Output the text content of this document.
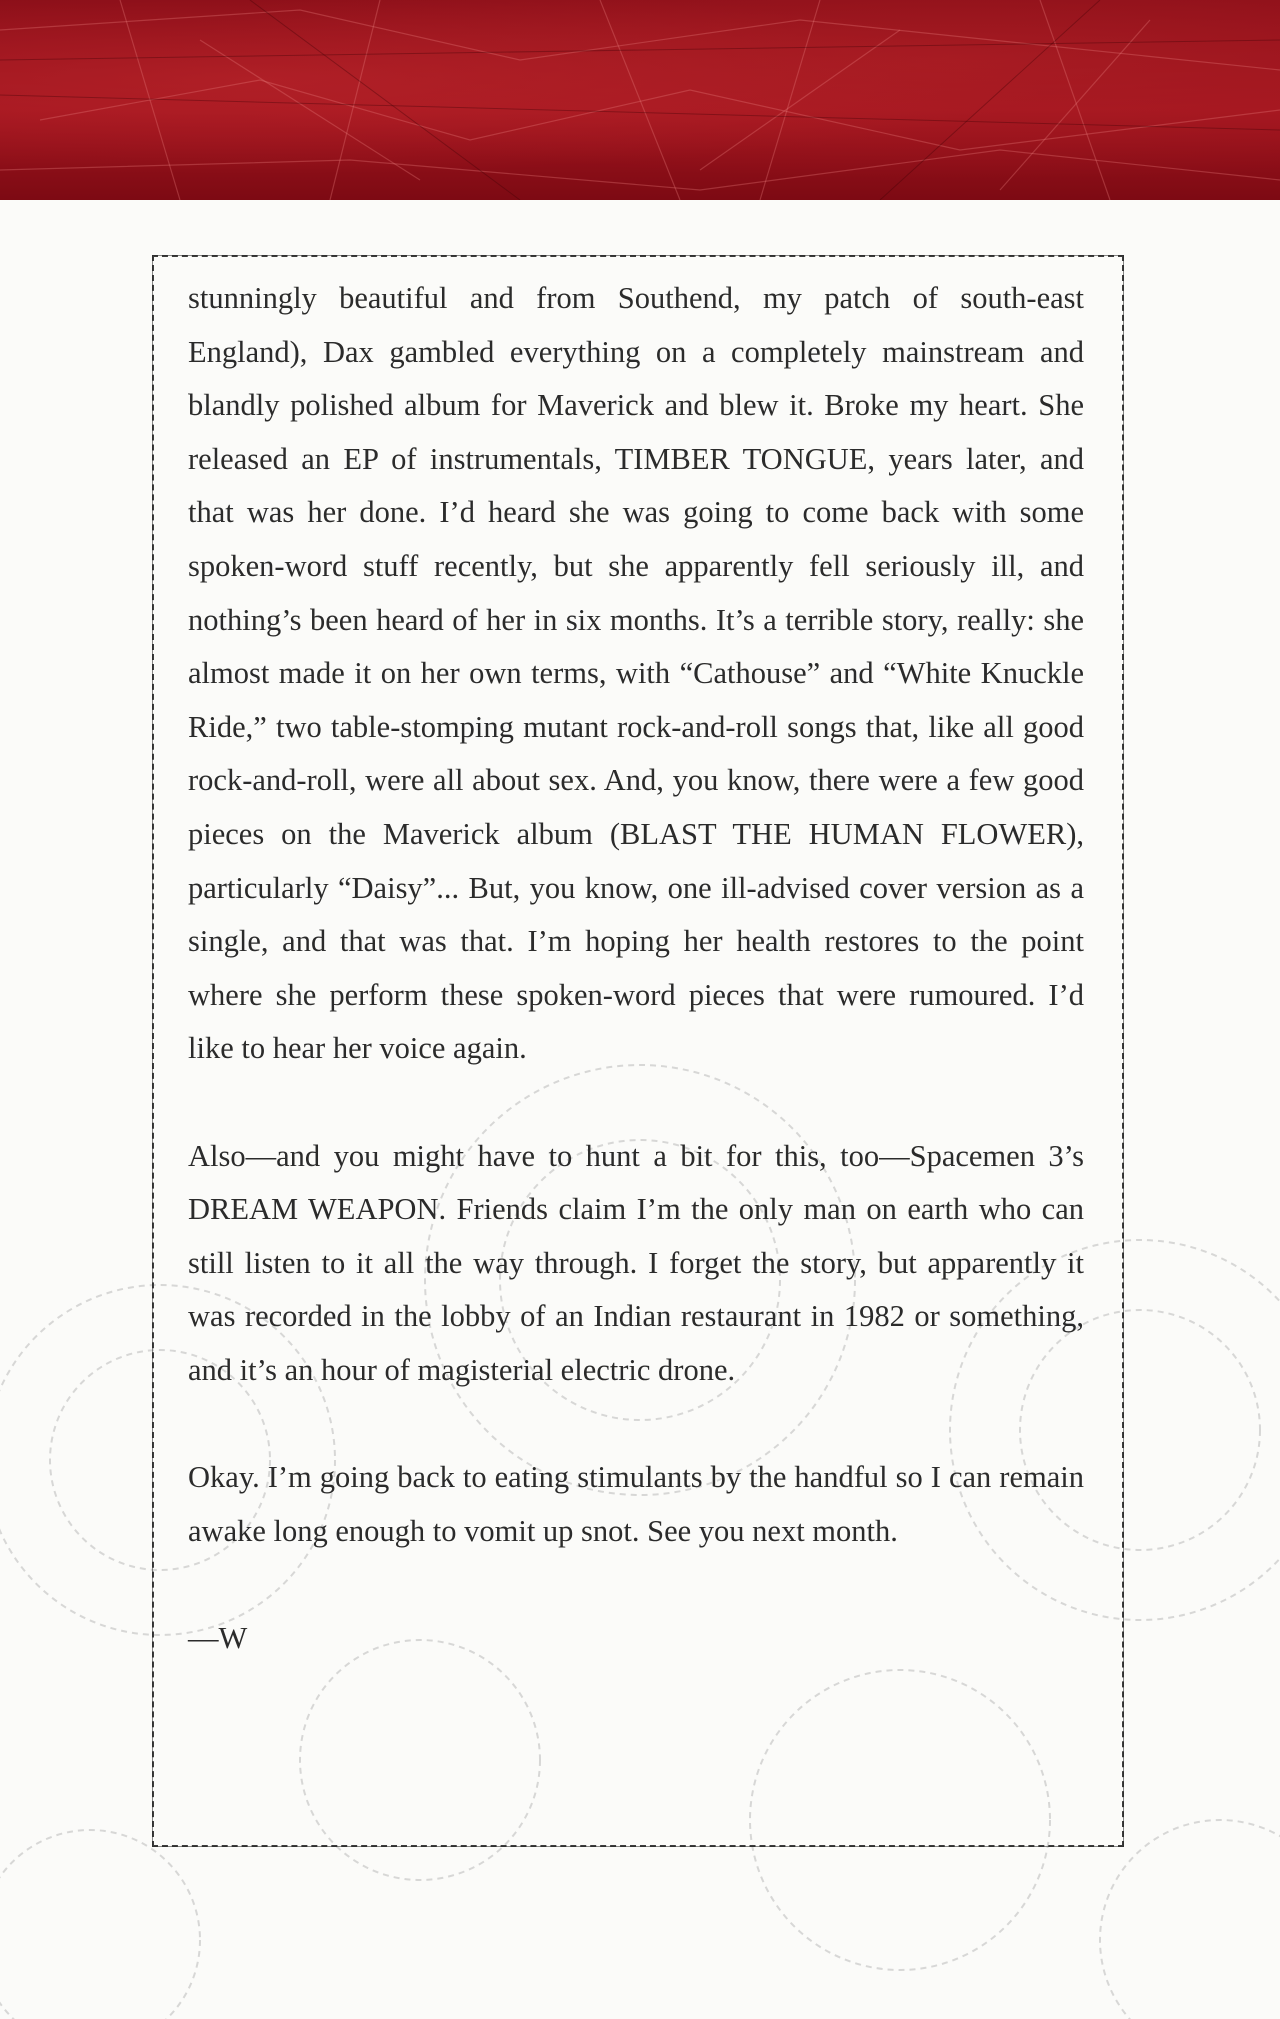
stunningly beautiful and from Southend, my patch of south-east England), Dax gambled everything on a completely mainstream and blandly polished album for Maverick and blew it. Broke my heart. She released an EP of instrumentals, TIMBER TONGUE, years later, and that was her done. I’d heard she was going to come back with some spoken-word stuff recently, but she apparently fell seriously ill, and nothing’s been heard of her in six months. It’s a terrible story, really: she almost made it on her own terms, with “Cathouse” and “White Knuckle Ride,” two table-stomping mutant rock-and-roll songs that, like all good rock-and-roll, were all about sex. And, you know, there were a few good pieces on the Maverick album (BLAST THE HUMAN FLOWER), particularly “Daisy”... But, you know, one ill-advised cover version as a single, and that was that. I’m hoping her health restores to the point where she perform these spoken-word pieces that were rumoured. I’d like to hear her voice again.

Also—and you might have to hunt a bit for this, too—Spacemen 3’s DREAM WEAPON. Friends claim I’m the only man on earth who can still listen to it all the way through. I forget the story, but apparently it was recorded in the lobby of an Indian restaurant in 1982 or something, and it’s an hour of magisterial electric drone.

Okay. I’m going back to eating stimulants by the handful so I can remain awake long enough to vomit up snot. See you next month.

—W
